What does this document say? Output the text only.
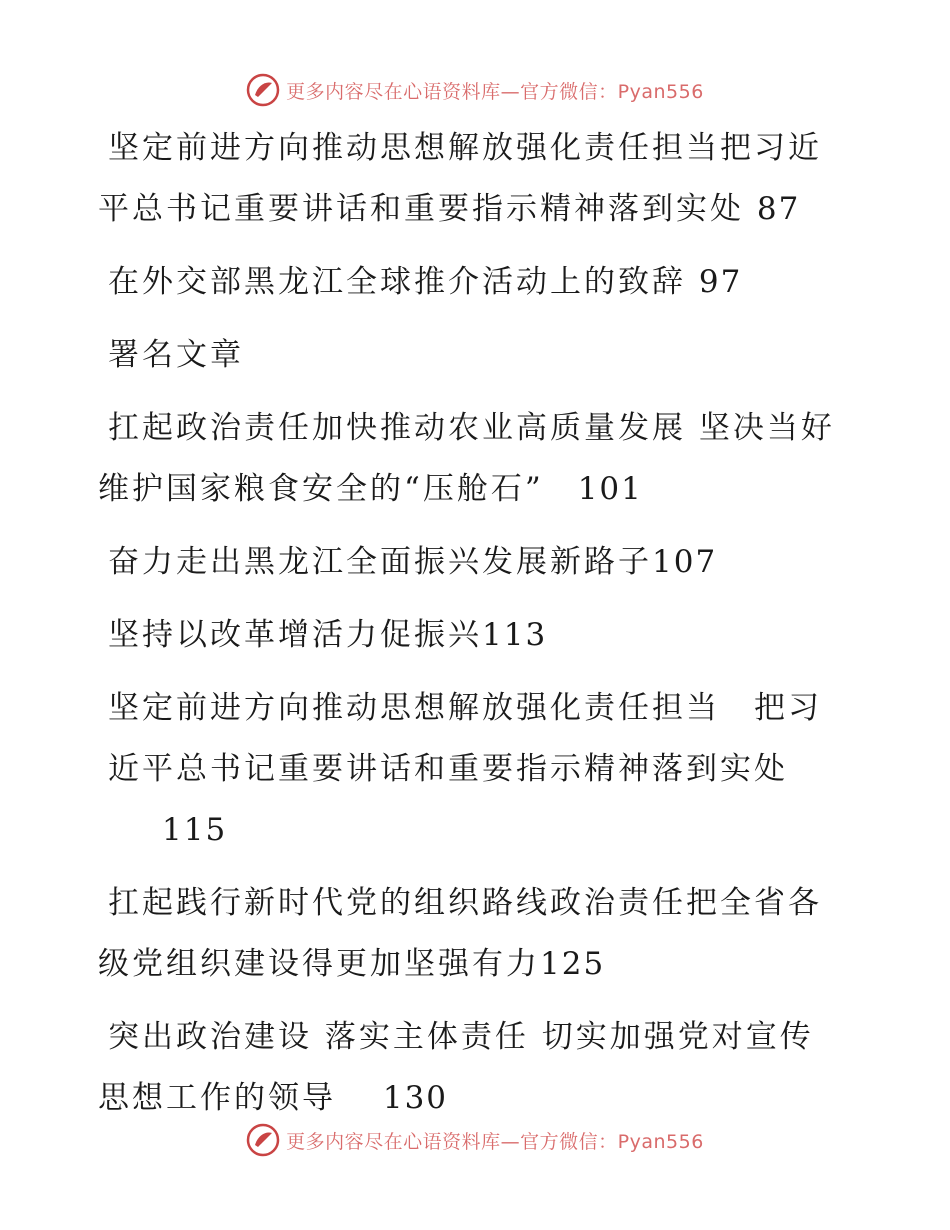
更多内容尽在心语资料库—官方微信：Pyan556
坚定前进方向推动思想解放强化责任担当把习近
平总书记重要讲话和重要指示精神落到实处 87
在外交部黑龙江全球推介活动上的致辞 97
署名文章
扛起政治责任加快推动农业高质量发展 坚决当好
维护国家粮食安全的“压舱石”　 101
奋力走出黑龙江全面振兴发展新路子107
坚持以改革增活力促振兴113
坚定前进方向推动思想解放强化责任担当　把习
近平总书记重要讲话和重要指示精神落到实处
115
扛起践行新时代党的组织路线政治责任把全省各
级党组织建设得更加坚强有力125
突出政治建设 落实主体责任 切实加强党对宣传
思想工作的领导　 130
更多内容尽在心语资料库—官方微信：Pyan556
